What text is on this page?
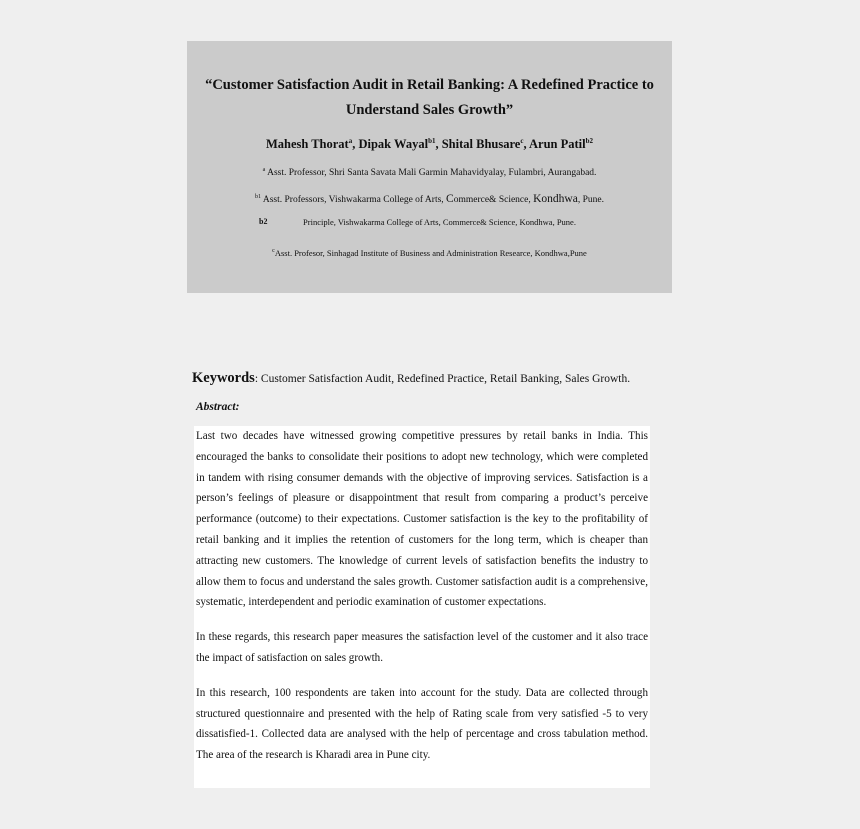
“Customer Satisfaction Audit in Retail Banking: A Redefined Practice to Understand Sales Growth”
Mahesh Thorat$^a$, Dipak Wayal$^{b1}$, Shital Bhusare$^c$, Arun Patil$^{b2}$
$^a$ Asst. Professor, Shri Santa Savata Mali Garmin Mahavidyalay, Fulambri, Aurangabad.
$^{b1}$ Asst. Professors, Vishwakarma College of Arts, Commerce& Science, Kondhwa, Pune.
b2	Principle, Vishwakarma College of Arts, Commerce& Science, Kondhwa, Pune.
$^c$Asst. Profesor, Sinhagad Institute of Business and Administration Researce, Kondhwa,Pune
Keywords: Customer Satisfaction Audit, Redefined Practice, Retail Banking, Sales Growth.
Abstract:

Last two decades have witnessed growing competitive pressures by retail banks in India. This encouraged the banks to consolidate their positions to adopt new technology, which were completed in tandem with rising consumer demands with the objective of improving services. Satisfaction is a person’s feelings of pleasure or disappointment that result from comparing a product’s perceive performance (outcome) to their expectations. Customer satisfaction is the key to the profitability of retail banking and it implies the retention of customers for the long term, which is cheaper than attracting new customers. The knowledge of current levels of satisfaction benefits the industry to allow them to focus and understand the sales growth. Customer satisfaction audit is a comprehensive, systematic, interdependent and periodic examination of customer expectations.

In these regards, this research paper measures the satisfaction level of the customer and it also trace the impact of satisfaction on sales growth.

In this research, 100 respondents are taken into account for the study. Data are collected through structured questionnaire and presented with the help of Rating scale from very satisfied -5 to very dissatisfied-1. Collected data are analysed with the help of percentage and cross tabulation method. The area of the research is Kharadi area in Pune city.
